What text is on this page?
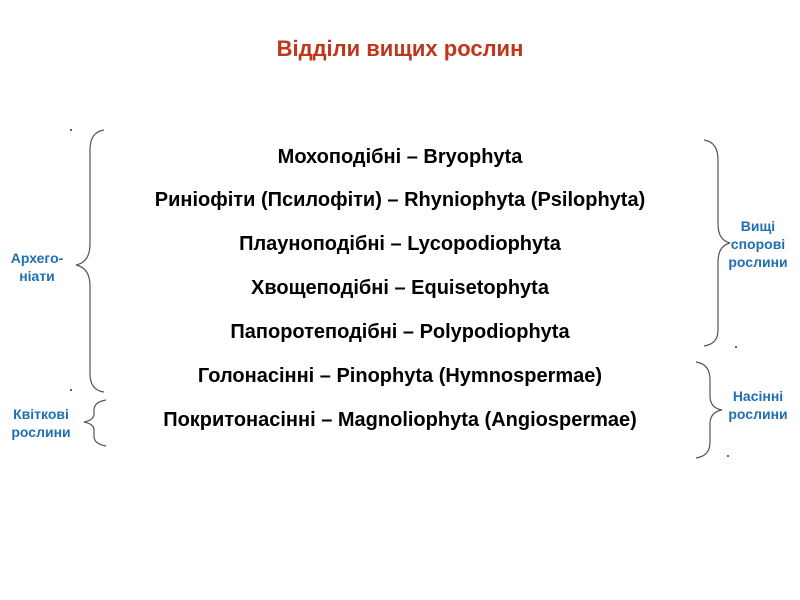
Відділи вищих рослин
Мохоподібні – Bryophyta
Риніофіти (Псилофіти) – Rhyniophyta (Psilophyta)
Плауноподібні – Lycopodiophyta
Хвощеподібні – Equisetophyta
Папоротеподібні – Polypodiophyta
Голонасінні – Pinophyta (Hymnospermae)
Покритонасінні – Magnoliophyta (Angiospermae)
Архего-
ніати
Квіткові
рослини
Вищі
спорові
рослини
Насінні
рослини
